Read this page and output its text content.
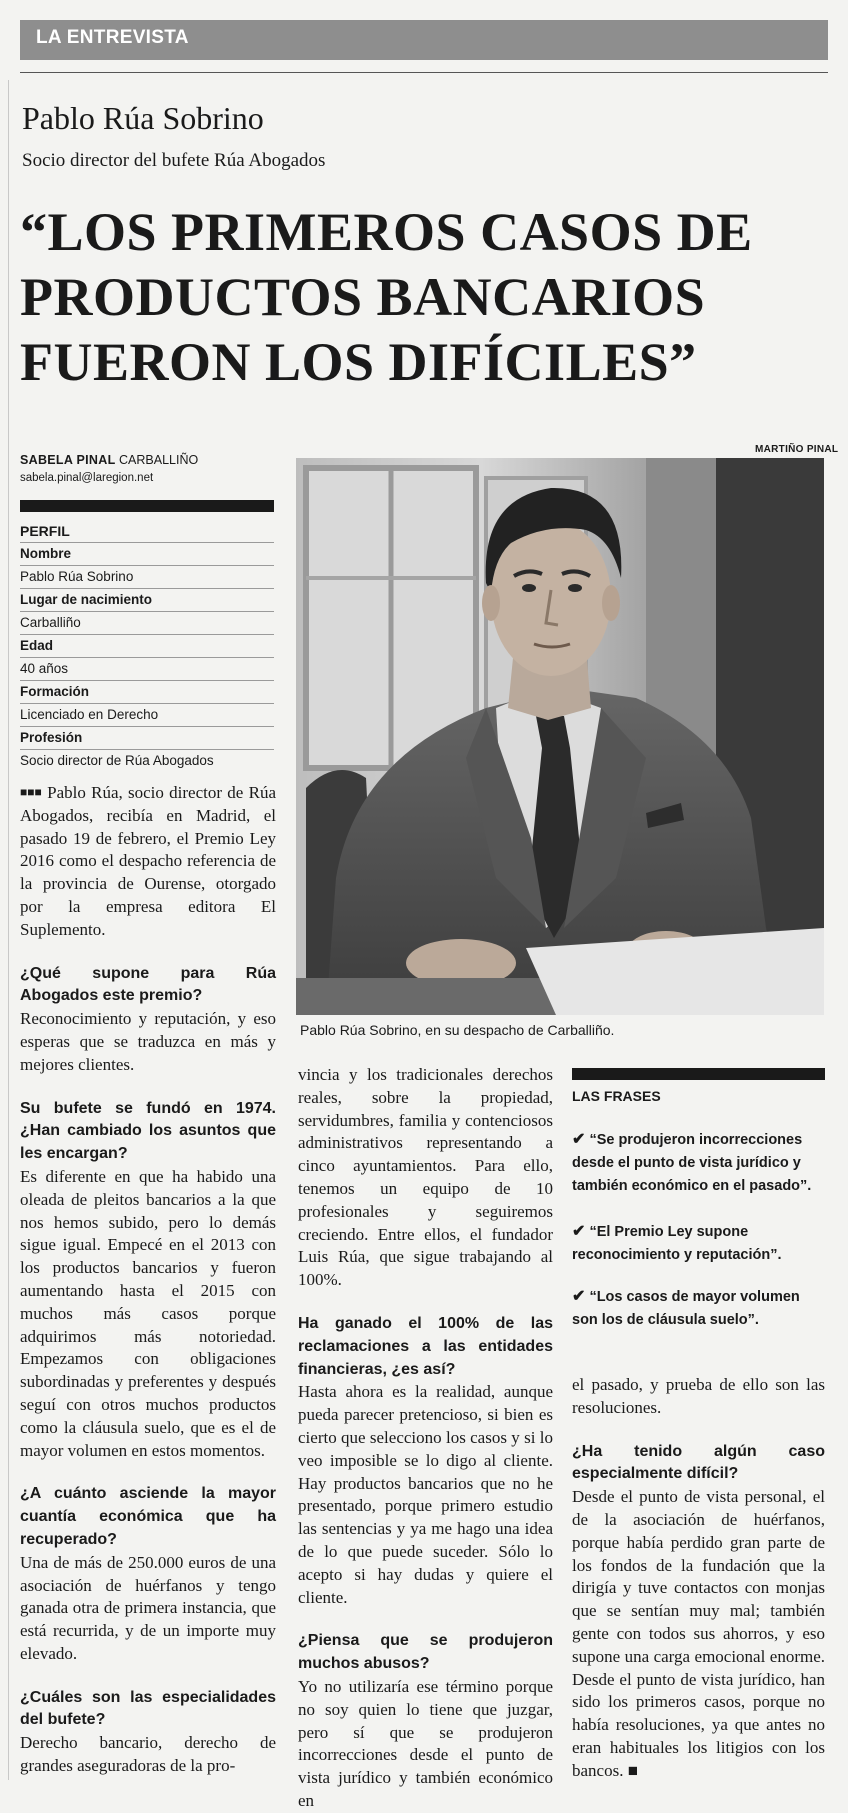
LA ENTREVISTA
Pablo Rúa Sobrino
Socio director del bufete Rúa Abogados
“LOS PRIMEROS CASOS DE
PRODUCTOS BANCARIOS
FUERON LOS DIFÍCILES”
SABELA PINAL CARBALLIÑO
sabela.pinal@laregion.net
MARTIÑO PINAL
Pablo Rúa Sobrino, en su despacho de Carballiño.
PERFIL
Nombre
Pablo Rúa Sobrino
Lugar de nacimiento
Carballiño
Edad
40 años
Formación
Licenciado en Derecho
Profesión
Socio director de Rúa Abogados

■■■ Pablo Rúa, socio director de Rúa Abogados, recibía en Madrid, el pasado 19 de febrero, el Premio Ley 2016 como el despacho referencia de la provincia de Ourense, otorgado por la empresa editora El Suplemento.

¿Qué supone para Rúa Abogados este premio?

Reconocimiento y reputación, y eso esperas que se traduzca en más y mejores clientes.

Su bufete se fundó en 1974. ¿Han cambiado los asuntos que les encargan?

Es diferente en que ha habido una oleada de pleitos bancarios a la que nos hemos subido, pero lo demás sigue igual. Empecé en el 2013 con los productos bancarios y fueron aumentando hasta el 2015 con muchos más casos porque adquirimos más notoriedad. Empezamos con obligaciones subordinadas y preferentes y después seguí con otros muchos productos como la cláusula suelo, que es el de mayor volumen en estos momentos.

¿A cuánto asciende la mayor cuantía económica que ha recuperado?

Una de más de 250.000 euros de una asociación de huérfanos y tengo ganada otra de primera instancia, que está recurrida, y de un importe muy elevado.

¿Cuáles son las especialidades del bufete?

Derecho bancario, derecho de grandes aseguradoras de la pro-

vincia y los tradicionales derechos reales, sobre la propiedad, servidumbres, familia y contenciosos administrativos representando a cinco ayuntamientos. Para ello, tenemos un equipo de 10 profesionales y seguiremos creciendo. Entre ellos, el fundador Luis Rúa, que sigue trabajando al 100%.

Ha ganado el 100% de las reclamaciones a las entidades financieras, ¿es así?

Hasta ahora es la realidad, aunque pueda parecer pretencioso, si bien es cierto que selecciono los casos y si lo veo imposible se lo digo al cliente. Hay productos bancarios que no he presentado, porque primero estudio las sentencias y ya me hago una idea de lo que puede suceder. Sólo lo acepto si hay dudas y quiere el cliente.

¿Piensa que se produjeron muchos abusos?

Yo no utilizaría ese término porque no soy quien lo tiene que juzgar, pero sí que se produjeron incorrecciones desde el punto de vista jurídico y también económico en

LAS FRASES
✔ “Se produjeron incorrecciones desde el punto de vista jurídico y también económico en el pasado”.
✔ “El Premio Ley supone reconocimiento y reputación”.
✔ “Los casos de mayor volumen son los de cláusula suelo”.

el pasado, y prueba de ello son las resoluciones.

¿Ha tenido algún caso especialmente difícil?

Desde el punto de vista personal, el de la asociación de huérfanos, porque había perdido gran parte de los fondos de la fundación que la dirigía y tuve contactos con monjas que se sentían muy mal; también gente con todos sus ahorros, y eso supone una carga emocional enorme. Desde el punto de vista jurídico, han sido los primeros casos, porque no había resoluciones, ya que antes no eran habituales los litigios con los bancos. ■
